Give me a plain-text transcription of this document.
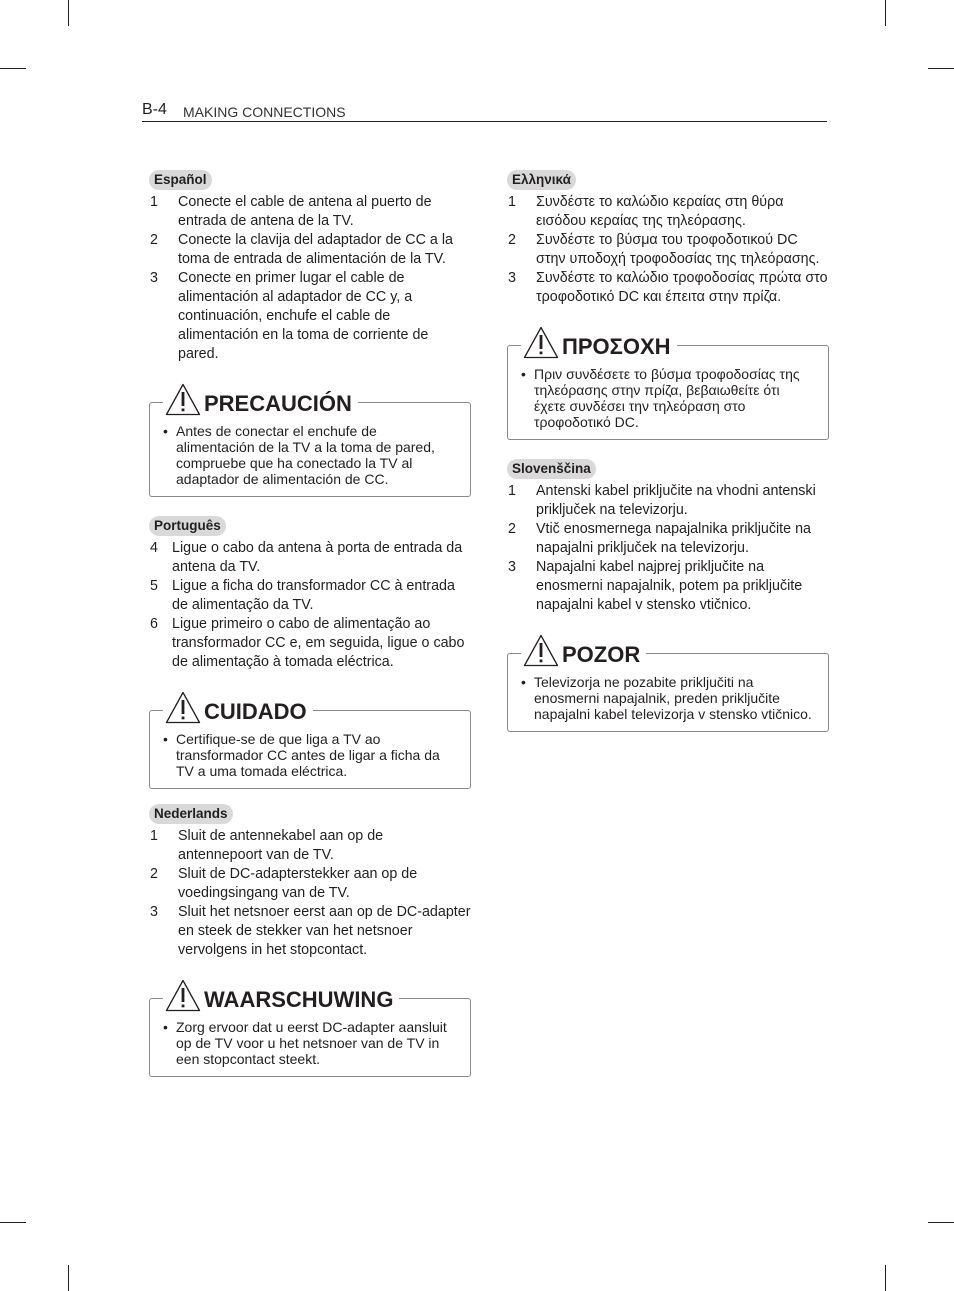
B-4 MAKING CONNECTIONS
Español
1 Conecte el cable de antena al puerto de entrada de antena de la TV.
2 Conecte la clavija del adaptador de CC a la toma de entrada de alimentación de la TV.
3 Conecte en primer lugar el cable de alimentación al adaptador de CC y, a continuación, enchufe el cable de alimentación en la toma de corriente de pared.
PRECAUCIÓN
• Antes de conectar el enchufe de alimentación de la TV a la toma de pared, compruebe que ha conectado la TV al adaptador de alimentación de CC.
Português
4 Ligue o cabo da antena à porta de entrada da antena da TV.
5 Ligue a ficha do transformador CC à entrada de alimentação da TV.
6 Ligue primeiro o cabo de alimentação ao transformador CC e, em seguida, ligue o cabo de alimentação à tomada eléctrica.
CUIDADO
• Certifique-se de que liga a TV ao transformador CC antes de ligar a ficha da TV a uma tomada eléctrica.
Nederlands
1 Sluit de antennekabel aan op de antennepoort van de TV.
2 Sluit de DC-adapterstekker aan op de voedingsingang van de TV.
3 Sluit het netsnoer eerst aan op de DC-adapter en steek de stekker van het netsnoer vervolgens in het stopcontact.
WAARSCHUWING
• Zorg ervoor dat u eerst DC-adapter aansluit op de TV voor u het netsnoer van de TV in een stopcontact steekt.
Ελληνικά
1 Συνδέστε το καλώδιο κεραίας στη θύρα εισόδου κεραίας της τηλεόρασης.
2 Συνδέστε το βύσμα του τροφοδοτικού DC στην υποδοχή τροφοδοσίας της τηλεόρασης.
3 Συνδέστε το καλώδιο τροφοδοσίας πρώτα στο τροφοδοτικό DC και έπειτα στην πρίζα.
ΠΡΟΣΟΧΗ
• Πριν συνδέσετε το βύσμα τροφοδοσίας της τηλεόρασης στην πρίζα, βεβαιωθείτε ότι έχετε συνδέσει την τηλεόραση στο τροφοδοτικό DC.
Slovenščina
1 Antenski kabel priključite na vhodni antenski priključek na televizorju.
2 Vtič enosmernega napajalnika priključite na napajalni priključek na televizorju.
3 Napajalni kabel najprej priključite na enosmerni napajalnik, potem pa priključite napajalni kabel v stensko vtičnico.
POZOR
• Televizorja ne pozabite priključiti na enosmerni napajalnik, preden priključite napajalni kabel televizorja v stensko vtičnico.
